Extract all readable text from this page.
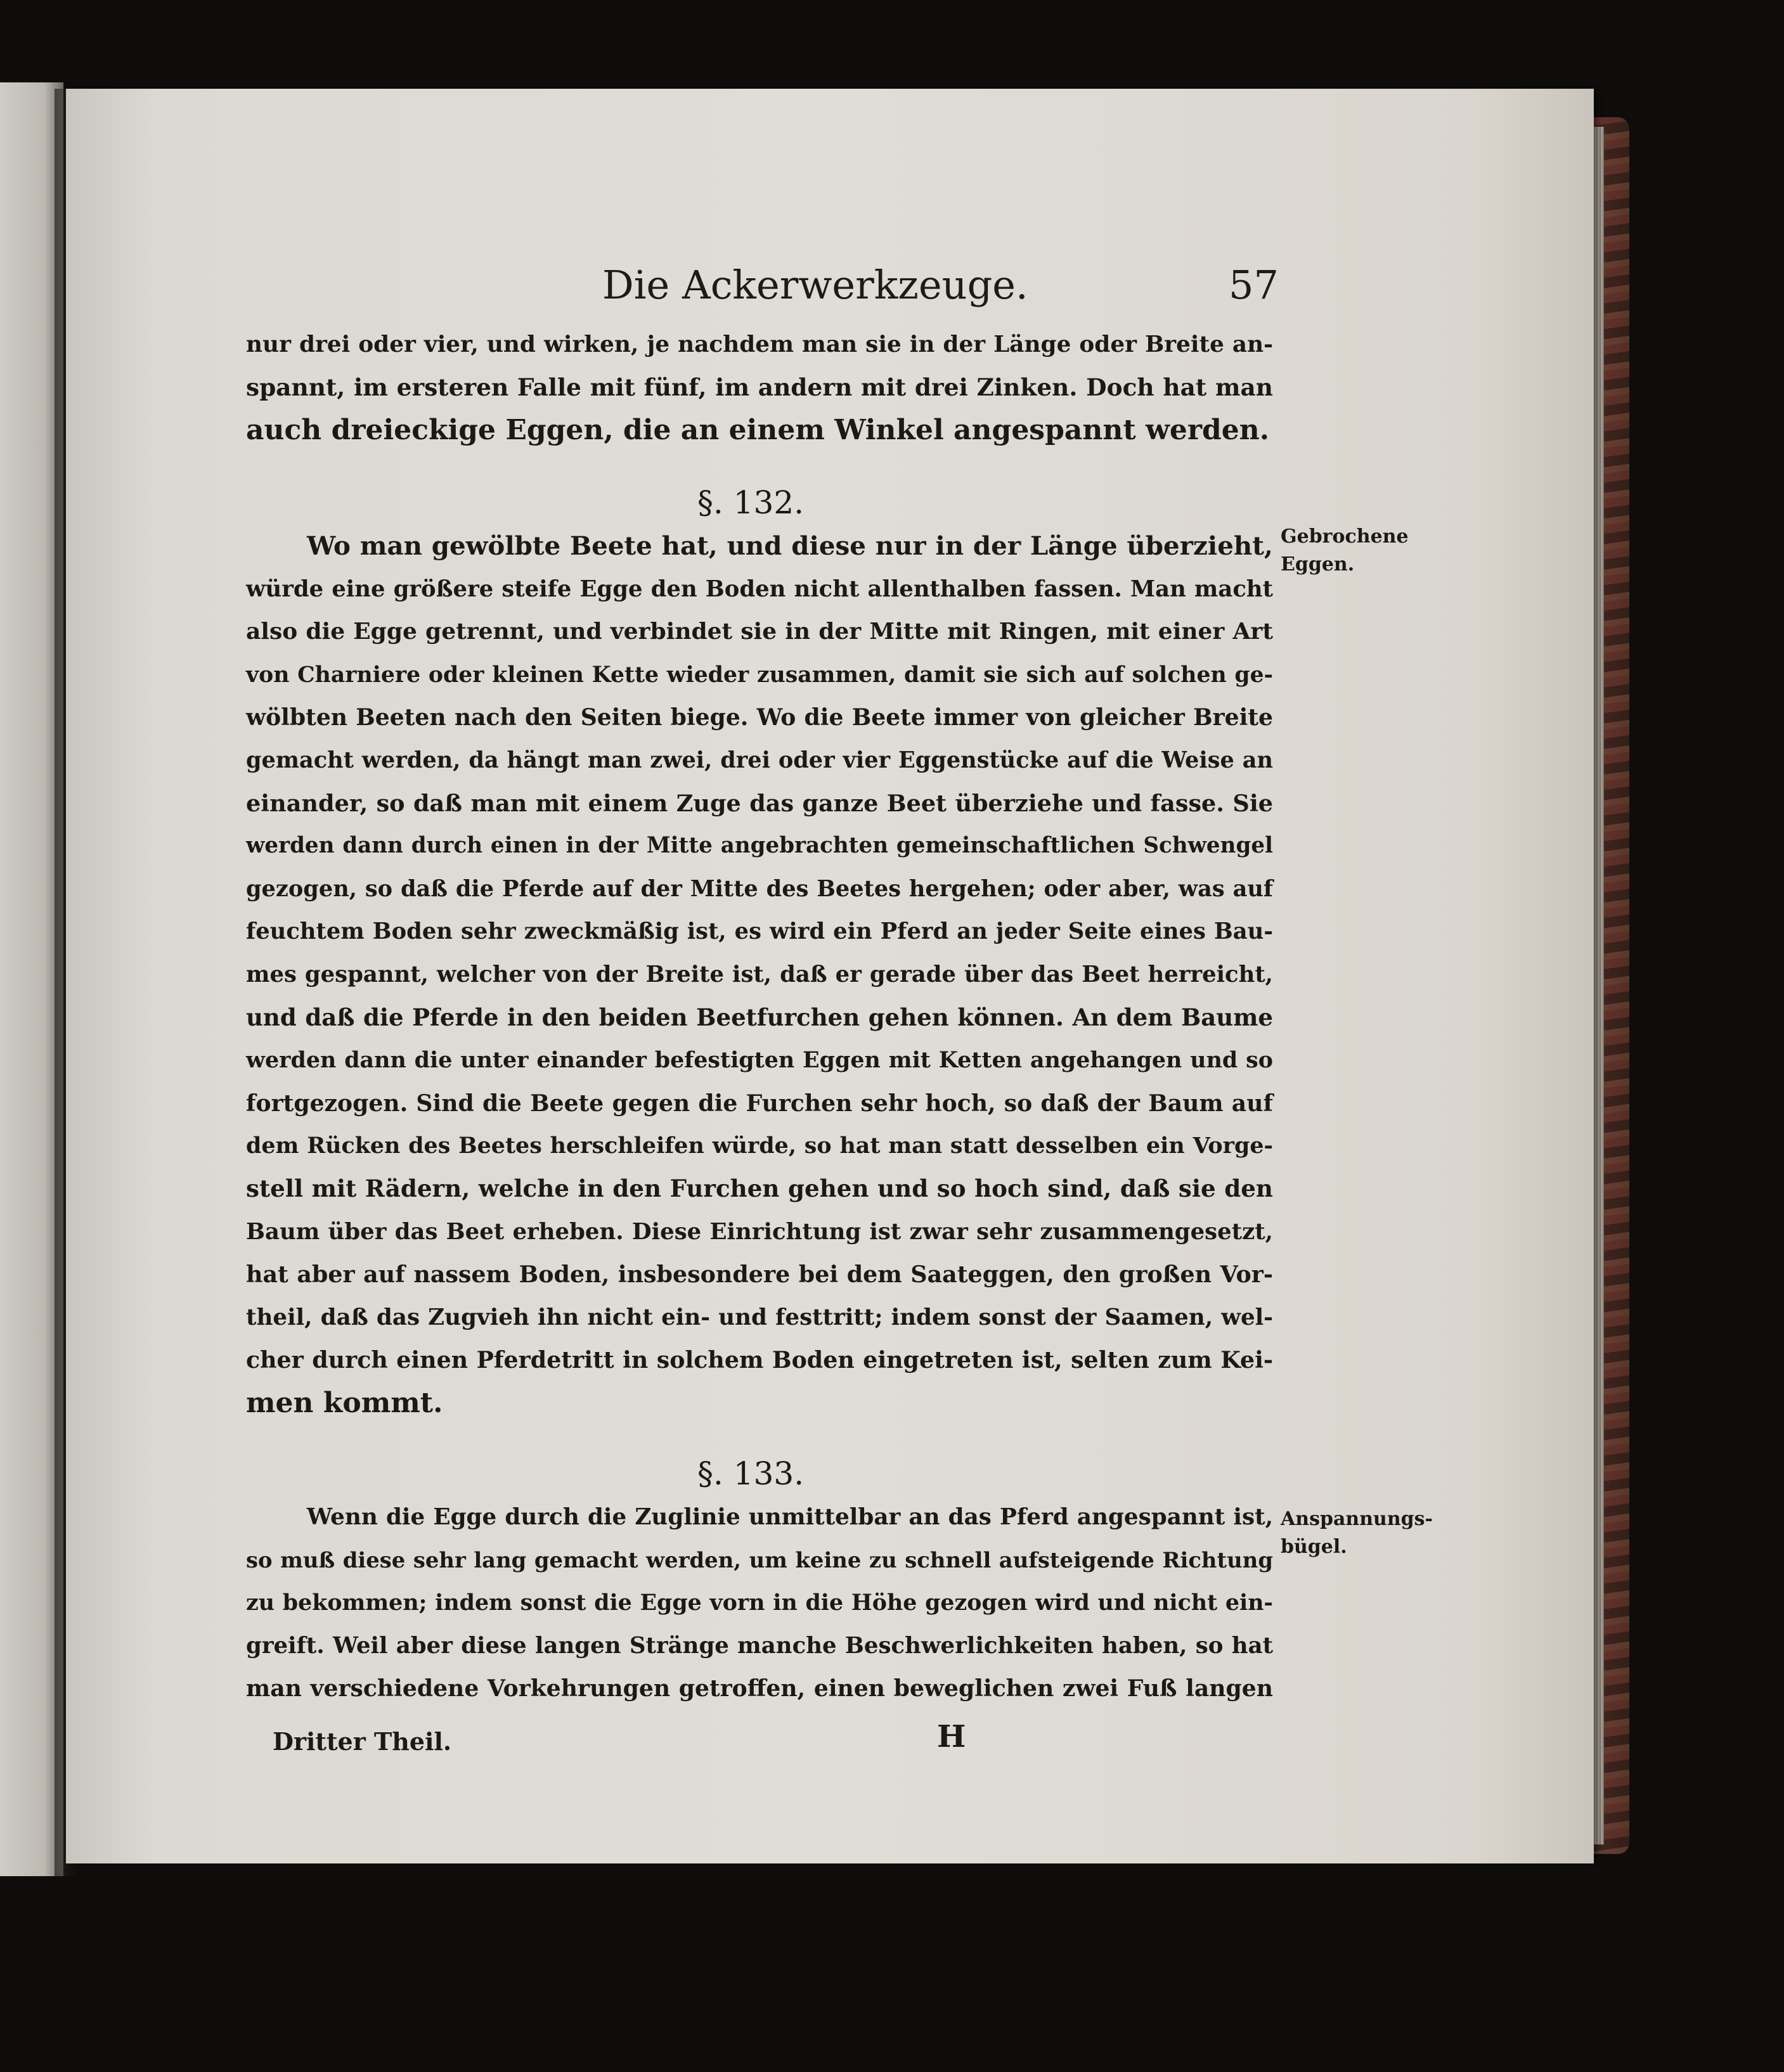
Die Ackerwerkzeuge.	57
nur drei oder vier, und wirken, je nachdem man sie in der Länge oder Breite an-
spannt, im ersteren Falle mit fünf, im andern mit drei Zinken. Doch hat man
auch dreieckige Eggen, die an einem Winkel angespannt werden.
§. 132.
Gebrochene
Eggen.
Wo man gewölbte Beete hat, und diese nur in der Länge überzieht,
würde eine größere steife Egge den Boden nicht allenthalben fassen. Man macht
also die Egge getrennt, und verbindet sie in der Mitte mit Ringen, mit einer Art
von Charniere oder kleinen Kette wieder zusammen, damit sie sich auf solchen ge-
wölbten Beeten nach den Seiten biege. Wo die Beete immer von gleicher Breite
gemacht werden, da hängt man zwei, drei oder vier Eggenstücke auf die Weise an
einander, so daß man mit einem Zuge das ganze Beet überziehe und fasse. Sie
werden dann durch einen in der Mitte angebrachten gemeinschaftlichen Schwengel
gezogen, so daß die Pferde auf der Mitte des Beetes hergehen; oder aber, was auf
feuchtem Boden sehr zweckmäßig ist, es wird ein Pferd an jeder Seite eines Bau-
mes gespannt, welcher von der Breite ist, daß er gerade über das Beet herreicht,
und daß die Pferde in den beiden Beetfurchen gehen können. An dem Baume
werden dann die unter einander befestigten Eggen mit Ketten angehangen und so
fortgezogen. Sind die Beete gegen die Furchen sehr hoch, so daß der Baum auf
dem Rücken des Beetes herschleifen würde, so hat man statt desselben ein Vorge-
stell mit Rädern, welche in den Furchen gehen und so hoch sind, daß sie den
Baum über das Beet erheben. Diese Einrichtung ist zwar sehr zusammengesetzt,
hat aber auf nassem Boden, insbesondere bei dem Saateggen, den großen Vor-
theil, daß das Zugvieh ihn nicht ein- und festtritt; indem sonst der Saamen, wel-
cher durch einen Pferdetritt in solchem Boden eingetreten ist, selten zum Kei-
men kommt.
§. 133.
Anspannungs-
bügel.
Wenn die Egge durch die Zuglinie unmittelbar an das Pferd angespannt ist,
so muß diese sehr lang gemacht werden, um keine zu schnell aufsteigende Richtung
zu bekommen; indem sonst die Egge vorn in die Höhe gezogen wird und nicht ein-
greift. Weil aber diese langen Stränge manche Beschwerlichkeiten haben, so hat
man verschiedene Vorkehrungen getroffen, einen beweglichen zwei Fuß langen
Dritter Theil.	H
